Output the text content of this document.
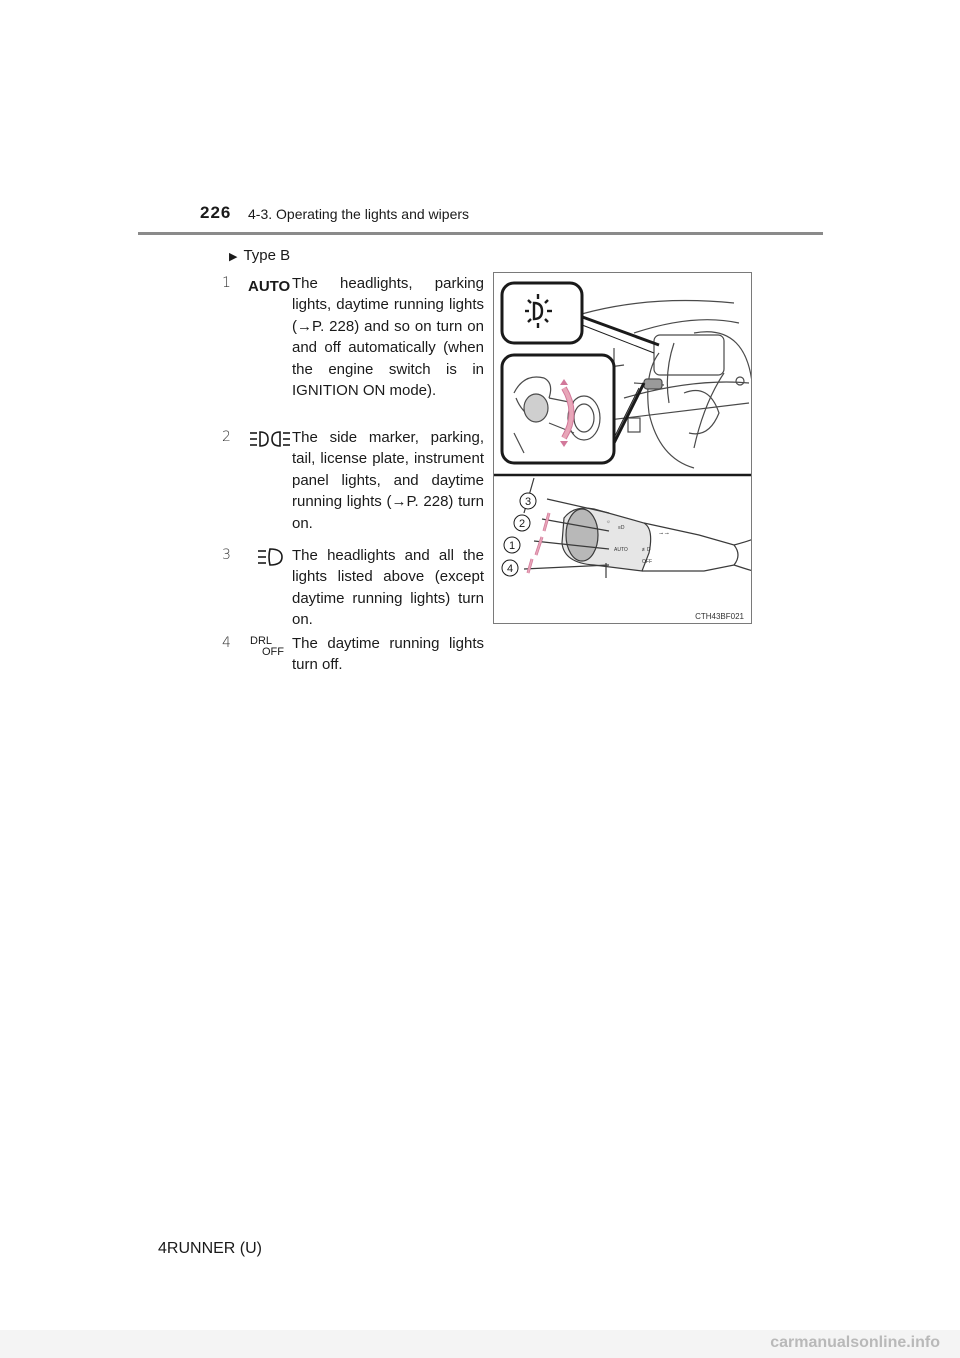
226 4-3. Operating the lights and wipers
▶ Type B
1 AUTO The headlights, parking lights, daytime running lights (→P. 228) and so on turn on and off automatically (when the engine switch is in IGNITION ON mode).
2	The side marker, parking, tail, license plate, instrument panel lights, and daytime running lights (→P. 228) turn on.
3	The headlights and all the lights listed above (except daytime running lights) turn on.
4 DRL
OFF The daytime running lights turn off.
☼
≡D
AUTO	≢D
OFF
⊸ ⊸
3
2
1
4
CTH43BF021
4RUNNER (U)
carmanualsonline.info
